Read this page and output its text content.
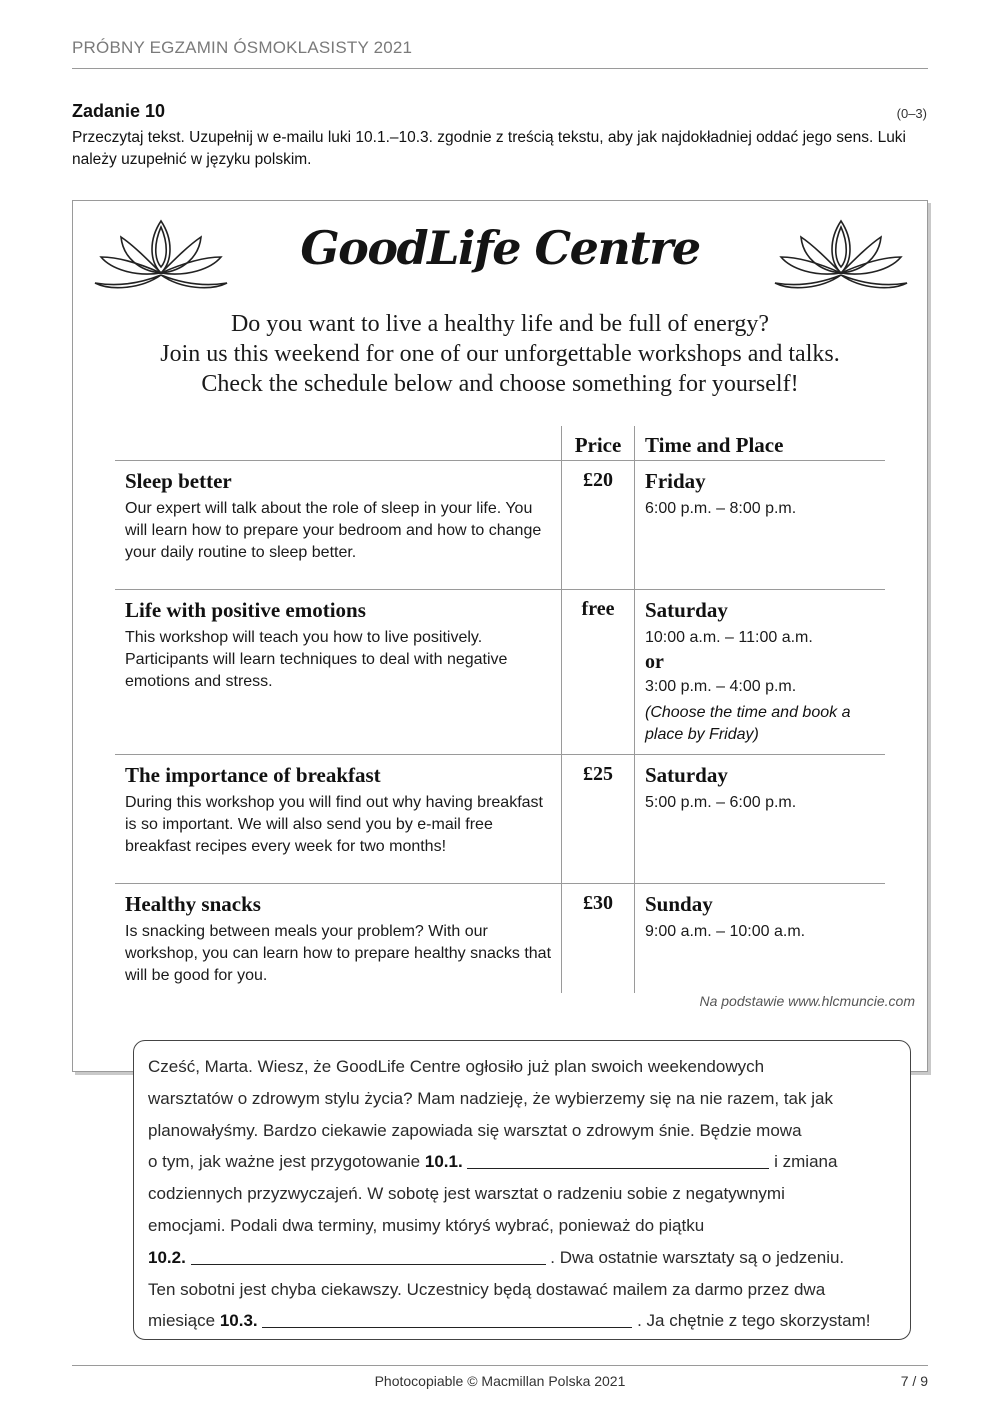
PRÓBNY EGZAMIN ÓSMOKLASISTY 2021
Zadanie 10	(0–3)
Przeczytaj tekst. Uzupełnij w e-mailu luki 10.1.–10.3. zgodnie z treścią tekstu, aby jak najdokładniej oddać jego sens. Luki należy uzupełnić w języku polskim.
GoodLife Centre
Do you want to live a healthy life and be full of energy?
Join us this weekend for one of our unforgettable workshops and talks.
Check the schedule below and choose something for yourself!
	Price	Time and Place

Sleep better
Our expert will talk about the role of sleep in your life. You will learn how to prepare your bedroom and how to change your daily routine to sleep better.	£20	Friday
6:00 p.m. – 8:00 p.m.

Life with positive emotions
This workshop will teach you how to live positively. Participants will learn techniques to deal with negative emotions and stress.	free	Saturday
10:00 a.m. – 11:00 a.m.
or
3:00 p.m. – 4:00 p.m.
(Choose the time and book a place by Friday)

The importance of breakfast
During this workshop you will find out why having breakfast is so important. We will also send you by e-mail free breakfast recipes every week for two months!	£25	Saturday
5:00 p.m. – 6:00 p.m.

Healthy snacks
Is snacking between meals your problem? With our workshop, you can learn how to prepare healthy snacks that will be good for you.	£30	Sunday
9:00 a.m. – 10:00 a.m.
Na podstawie www.hlcmuncie.com
Cześć, Marta. Wiesz, że GoodLife Centre ogłosiło już plan swoich weekendowych
warsztatów o zdrowym stylu życia? Mam nadzieję, że wybierzemy się na nie razem, tak jak
planowałyśmy. Bardzo ciekawie zapowiada się warsztat o zdrowym śnie. Będzie mowa
o tym, jak ważne jest przygotowanie 10.1.	i zmiana
codziennych przyzwyczajeń. W sobotę jest warsztat o radzeniu sobie z negatywnymi
emocjami. Podali dwa terminy, musimy któryś wybrać, ponieważ do piątku
10.2.	. Dwa ostatnie warsztaty są o jedzeniu.
Ten sobotni jest chyba ciekawszy. Uczestnicy będą dostawać mailem za darmo przez dwa
miesiące 10.3.	. Ja chętnie z tego skorzystam!
Photocopiable © Macmillan Polska 2021	7 / 9
